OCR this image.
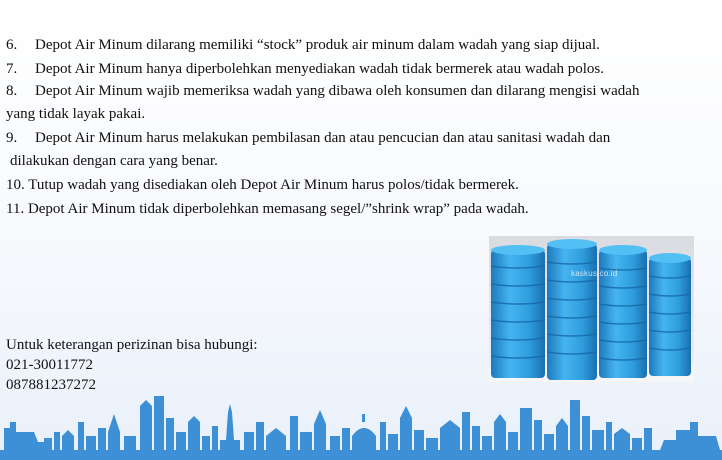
6. Depot Air Minum dilarang memiliki “stock” produk air minum dalam wadah yang siap dijual.
7. Depot Air Minum hanya diperbolehkan menyediakan wadah tidak bermerek atau wadah polos.
8. Depot Air Minum wajib memeriksa wadah yang dibawa oleh konsumen dan dilarang mengisi wadah
yang tidak layak pakai.
9. Depot Air Minum harus melakukan pembilasan dan atau pencucian dan atau sanitasi wadah dan
dilakukan dengan cara yang benar.
10. Tutup wadah yang disediakan oleh Depot Air Minum harus polos/tidak bermerek.
11. Depot Air Minum tidak diperbolehkan memasang segel/”shrink wrap” pada wadah.
Untuk keterangan perizinan bisa hubungi:
021-30011772
087881237272
kaskus.co.id
